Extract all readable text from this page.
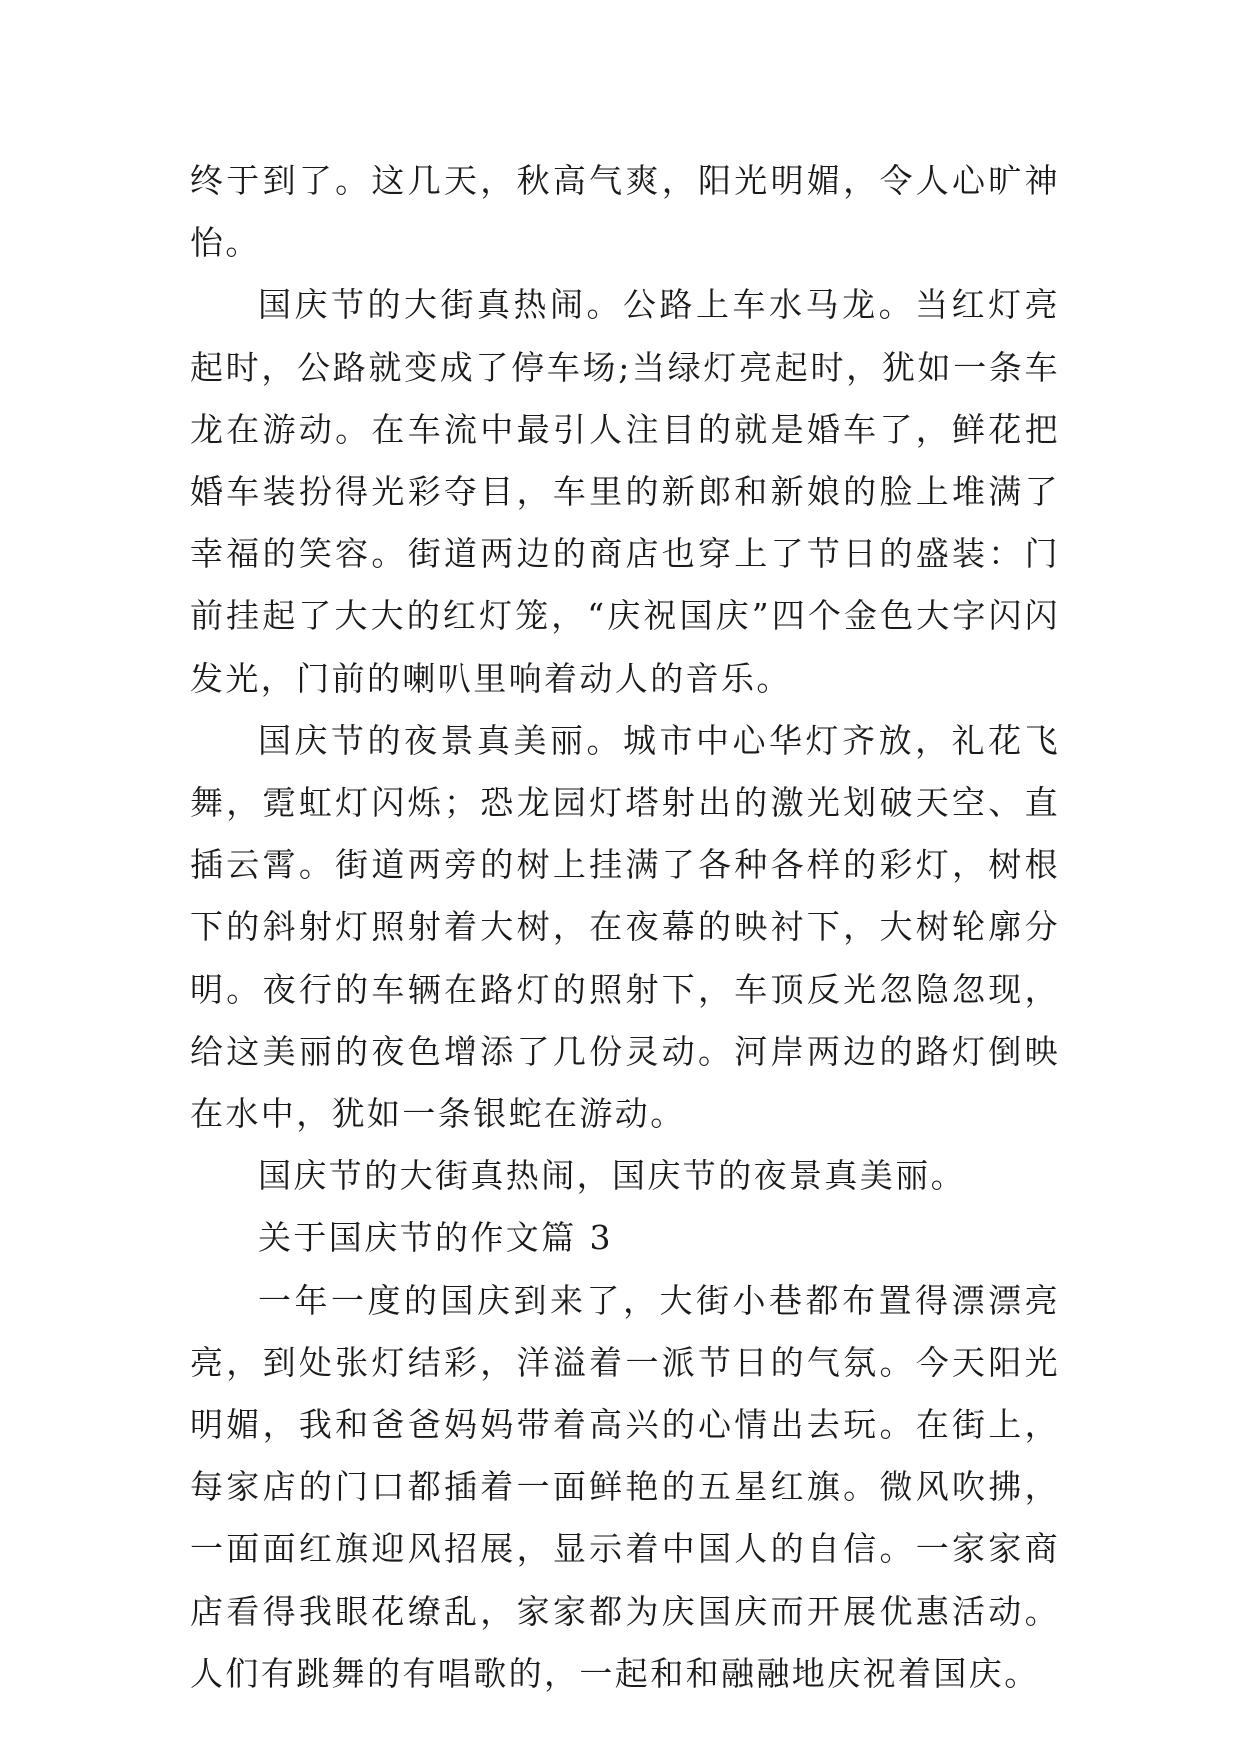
终于到了。这几天，秋高气爽，阳光明媚，令人心旷神怡。

国庆节的大街真热闹。公路上车水马龙。当红灯亮起时，公路就变成了停车场;当绿灯亮起时，犹如一条车龙在游动。在车流中最引人注目的就是婚车了，鲜花把婚车装扮得光彩夺目，车里的新郎和新娘的脸上堆满了幸福的笑容。街道两边的商店也穿上了节日的盛装：门前挂起了大大的红灯笼，“庆祝国庆”四个金色大字闪闪发光，门前的喇叭里响着动人的音乐。

国庆节的夜景真美丽。城市中心华灯齐放，礼花飞舞，霓虹灯闪烁；恐龙园灯塔射出的激光划破天空、直插云霄。街道两旁的树上挂满了各种各样的彩灯，树根下的斜射灯照射着大树，在夜幕的映衬下，大树轮廓分明。夜行的车辆在路灯的照射下，车顶反光忽隐忽现，给这美丽的夜色增添了几份灵动。河岸两边的路灯倒映在水中，犹如一条银蛇在游动。

国庆节的大街真热闹，国庆节的夜景真美丽。

关于国庆节的作文篇 3

一年一度的国庆到来了，大街小巷都布置得漂漂亮亮，到处张灯结彩，洋溢着一派节日的气氛。今天阳光明媚，我和爸爸妈妈带着高兴的心情出去玩。在街上，每家店的门口都插着一面鲜艳的五星红旗。微风吹拂，一面面红旗迎风招展，显示着中国人的自信。一家家商店看得我眼花缭乱，家家都为庆国庆而开展优惠活动。人们有跳舞的有唱歌的，一起和和融融地庆祝着国庆。
